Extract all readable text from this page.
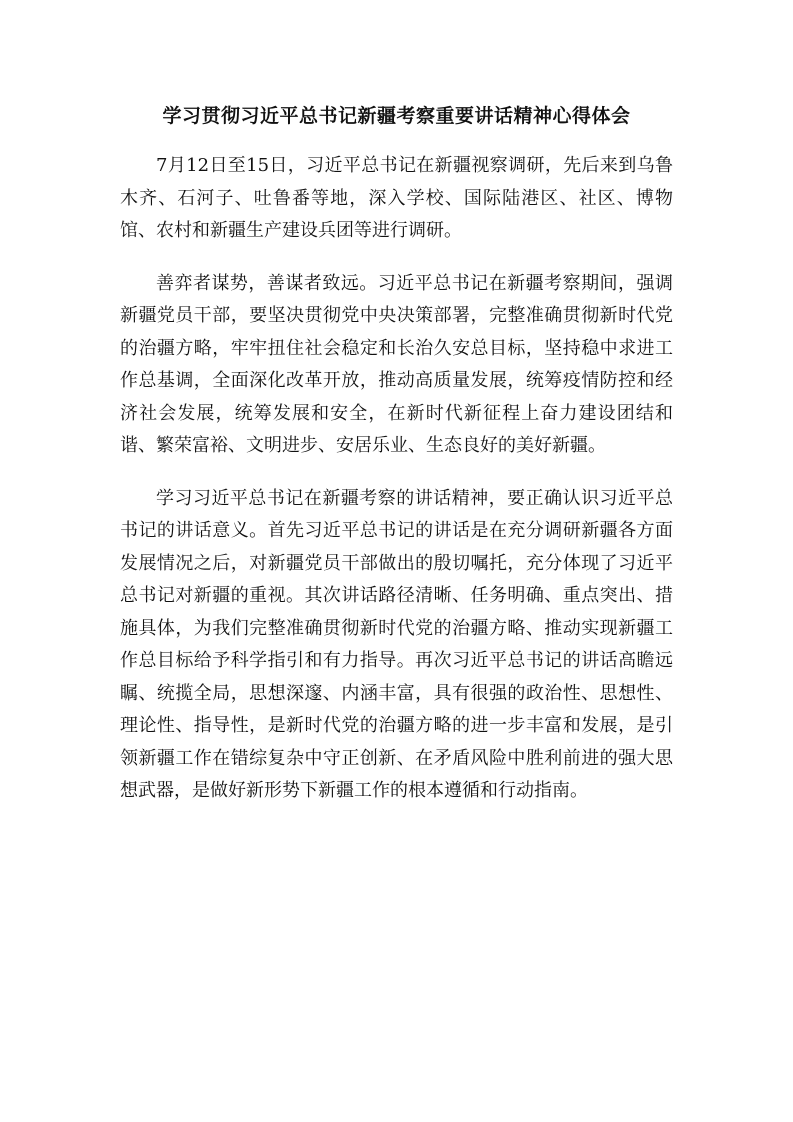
学习贯彻习近平总书记新疆考察重要讲话精神心得体会

7月12日至15日，习近平总书记在新疆视察调研，先后来到乌鲁木齐、石河子、吐鲁番等地，深入学校、国际陆港区、社区、博物馆、农村和新疆生产建设兵团等进行调研。

善弈者谋势，善谋者致远。习近平总书记在新疆考察期间，强调新疆党员干部，要坚决贯彻党中央决策部署，完整准确贯彻新时代党的治疆方略，牢牢扭住社会稳定和长治久安总目标，坚持稳中求进工作总基调，全面深化改革开放，推动高质量发展，统筹疫情防控和经济社会发展，统筹发展和安全，在新时代新征程上奋力建设团结和谐、繁荣富裕、文明进步、安居乐业、生态良好的美好新疆。

学习习近平总书记在新疆考察的讲话精神，要正确认识习近平总书记的讲话意义。首先习近平总书记的讲话是在充分调研新疆各方面发展情况之后，对新疆党员干部做出的殷切嘱托，充分体现了习近平总书记对新疆的重视。其次讲话路径清晰、任务明确、重点突出、措施具体，为我们完整准确贯彻新时代党的治疆方略、推动实现新疆工作总目标给予科学指引和有力指导。再次习近平总书记的讲话高瞻远瞩、统揽全局，思想深邃、内涵丰富，具有很强的政治性、思想性、理论性、指导性，是新时代党的治疆方略的进一步丰富和发展，是引领新疆工作在错综复杂中守正创新、在矛盾风险中胜利前进的强大思想武器，是做好新形势下新疆工作的根本遵循和行动指南。
